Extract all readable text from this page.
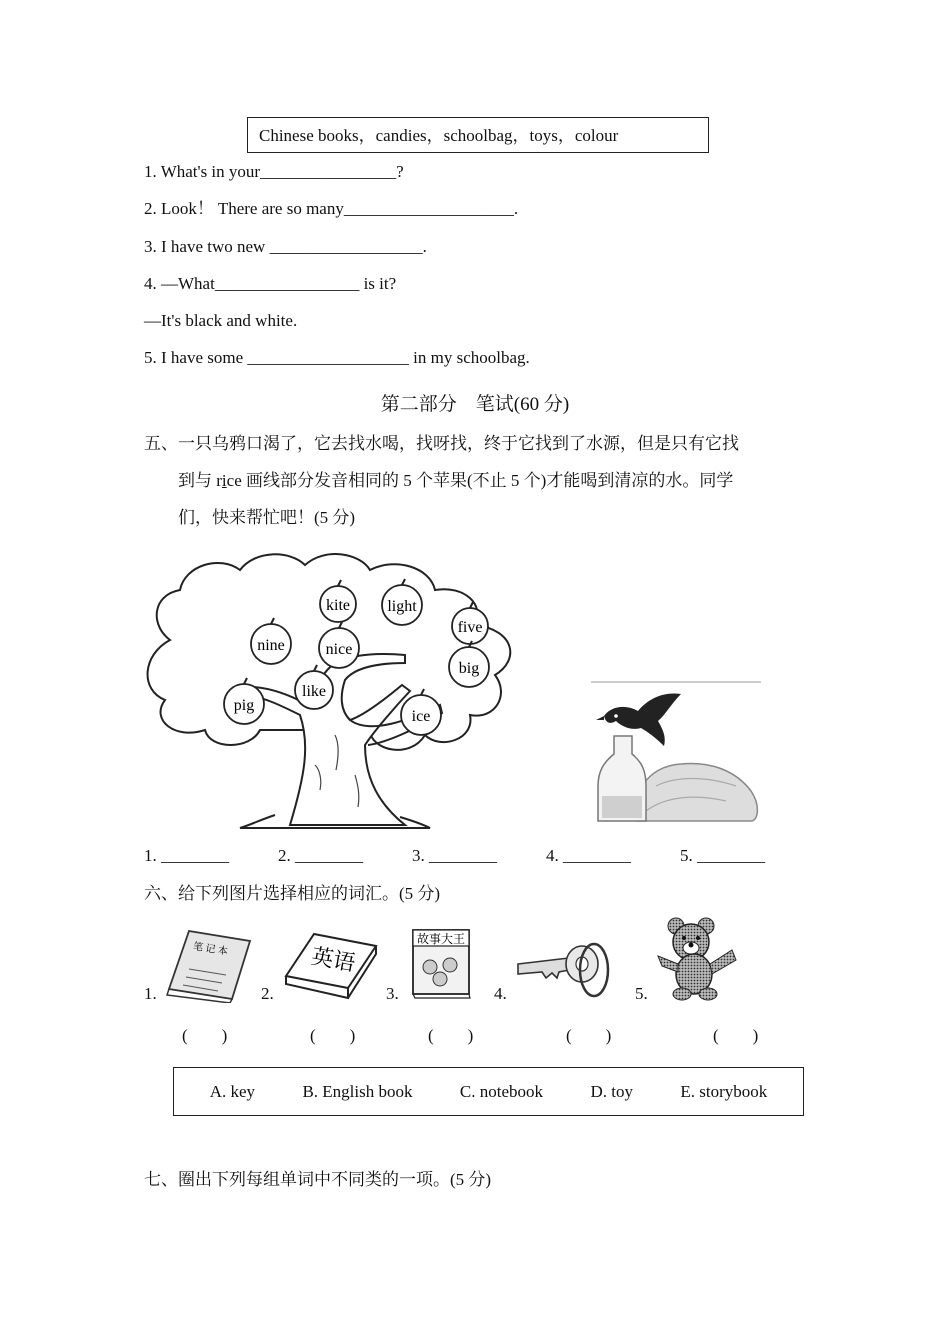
Chinese books，candies，schoolbag，toys，colour
1. What's in your________________?
2. Look！ There are so many____________________.
3. I have two new __________________.
4. —What_________________ is it?
—It's black and white.
5. I have some ___________________ in my schoolbag.
第二部分　笔试(60 分)
五、一只乌鸦口渴了，它去找水喝，找呀找，终于它找到了水源，但是只有它找
到与 rice 画线部分发音相同的 5 个苹果(不止 5 个)才能喝到清凉的水。同学
们，快来帮忙吧！(5 分)
kite light
five
nine	nice
big
like
pig
ice
1. ________	2. ________	3. ________	4. ________	5. ________
六、给下列图片选择相应的词汇。(5 分)
1.
笔 记 本
2.
英语
3.
故事大王
4.	5.
(　　)	(　　)	(　　)	(　　)	(　　)
A. key	B. English book	C. notebook	D. toy	E. storybook
七、圈出下列每组单词中不同类的一项。(5 分)
